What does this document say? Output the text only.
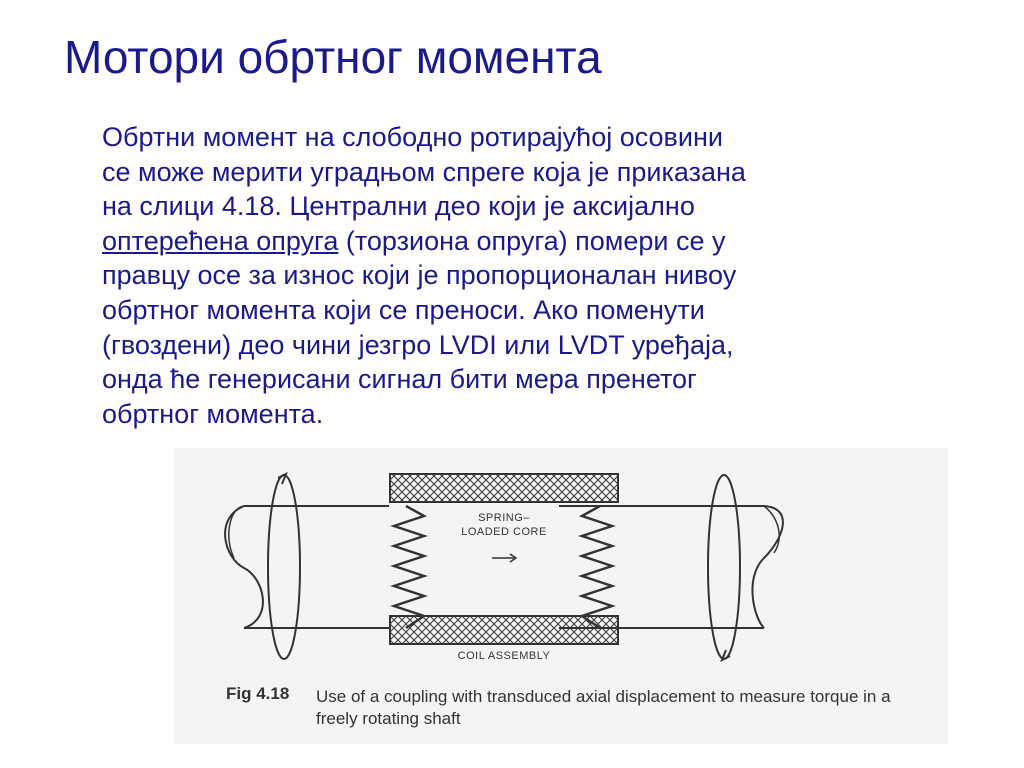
Мотори обртног момента
Обртни момент на слободно ротирајућој осовини
се може мерити уградњом спреге која је приказана
на слици 4.18. Централни део који је аксијално
оптерећена опруга (торзиона опруга) помери се у
правцу осе за износ који је пропорционалан нивоу
обртног момента који се преноси. Ако поменути
(гвоздени) део чини језгро LVDI или LVDT уређаја,
онда ће генерисани сигнал бити мера пренетог
обртног момента.
SPRING–
LOADED CORE
COIL ASSEMBLY
Fig 4.18 Use of a coupling with transduced axial displacement to measure torque in a freely rotating shaft
